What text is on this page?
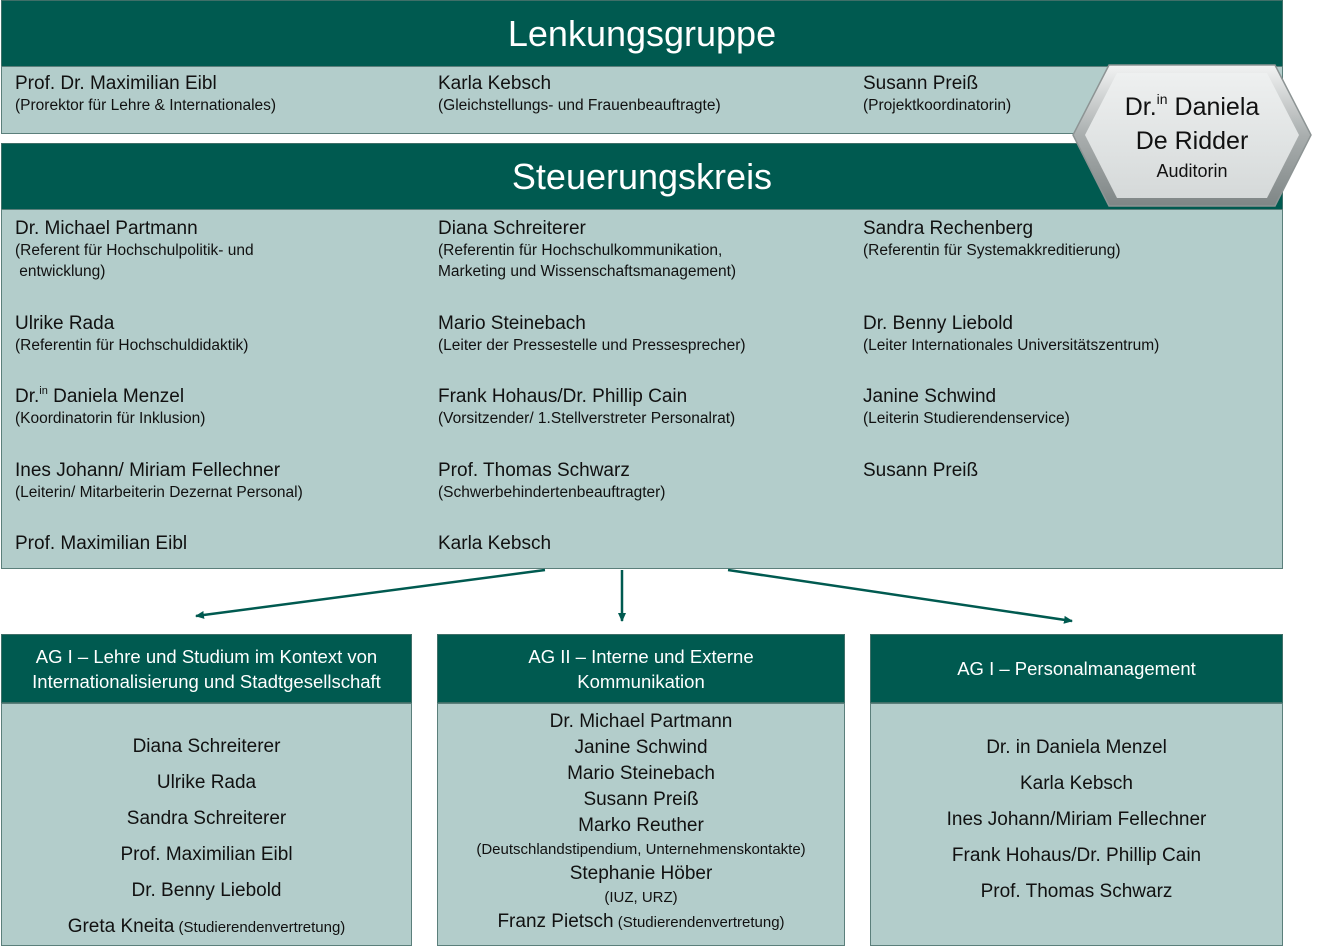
Lenkungsgruppe
Prof. Dr. Maximilian Eibl
(Prorektor für Lehre & Internationales)
Karla Kebsch
(Gleichstellungs- und Frauenbeauftragte)
Susann Preiß
(Projektkoordinatorin)
Steuerungskreis
Dr. Michael Partmann
(Referent für Hochschulpolitik- und
entwicklung)
Ulrike Rada
(Referentin für Hochschuldidaktik)
Dr.$^{in}$ Daniela Menzel
(Koordinatorin für Inklusion)
Ines Johann/ Miriam Fellechner
(Leiterin/ Mitarbeiterin Dezernat Personal)
Prof. Maximilian Eibl
Diana Schreiterer
(Referentin für Hochschulkommunikation,
Marketing und Wissenschaftsmanagement)
Mario Steinebach
(Leiter der Pressestelle und Pressesprecher)
Frank Hohaus/Dr. Phillip Cain
(Vorsitzender/ 1.Stellverstreter Personalrat)
Prof. Thomas Schwarz
(Schwerbehindertenbeauftragter)
Karla Kebsch
Sandra Rechenberg
(Referentin für Systemakkreditierung)
Dr. Benny Liebold
(Leiter Internationales Universitätszentrum)
Janine Schwind
(Leiterin Studierendenservice)
Susann Preiß
Dr.$^{in}$ Daniela
De Ridder
Auditorin
AG I – Lehre und Studium im Kontext von
Internationalisierung und Stadtgesellschaft
Diana Schreiterer
Ulrike Rada
Sandra Schreiterer
Prof. Maximilian Eibl
Dr. Benny Liebold
Greta Kneita (Studierendenvertretung)
AG II – Interne und Externe
Kommunikation
Dr. Michael Partmann
Janine Schwind
Mario Steinebach
Susann Preiß
Marko Reuther
(Deutschlandstipendium, Unternehmenskontakte)
Stephanie Höber
(IUZ, URZ)
Franz Pietsch (Studierendenvertretung)
AG I – Personalmanagement
Dr. in Daniela Menzel
Karla Kebsch
Ines Johann/Miriam Fellechner
Frank Hohaus/Dr. Phillip Cain
Prof. Thomas Schwarz
